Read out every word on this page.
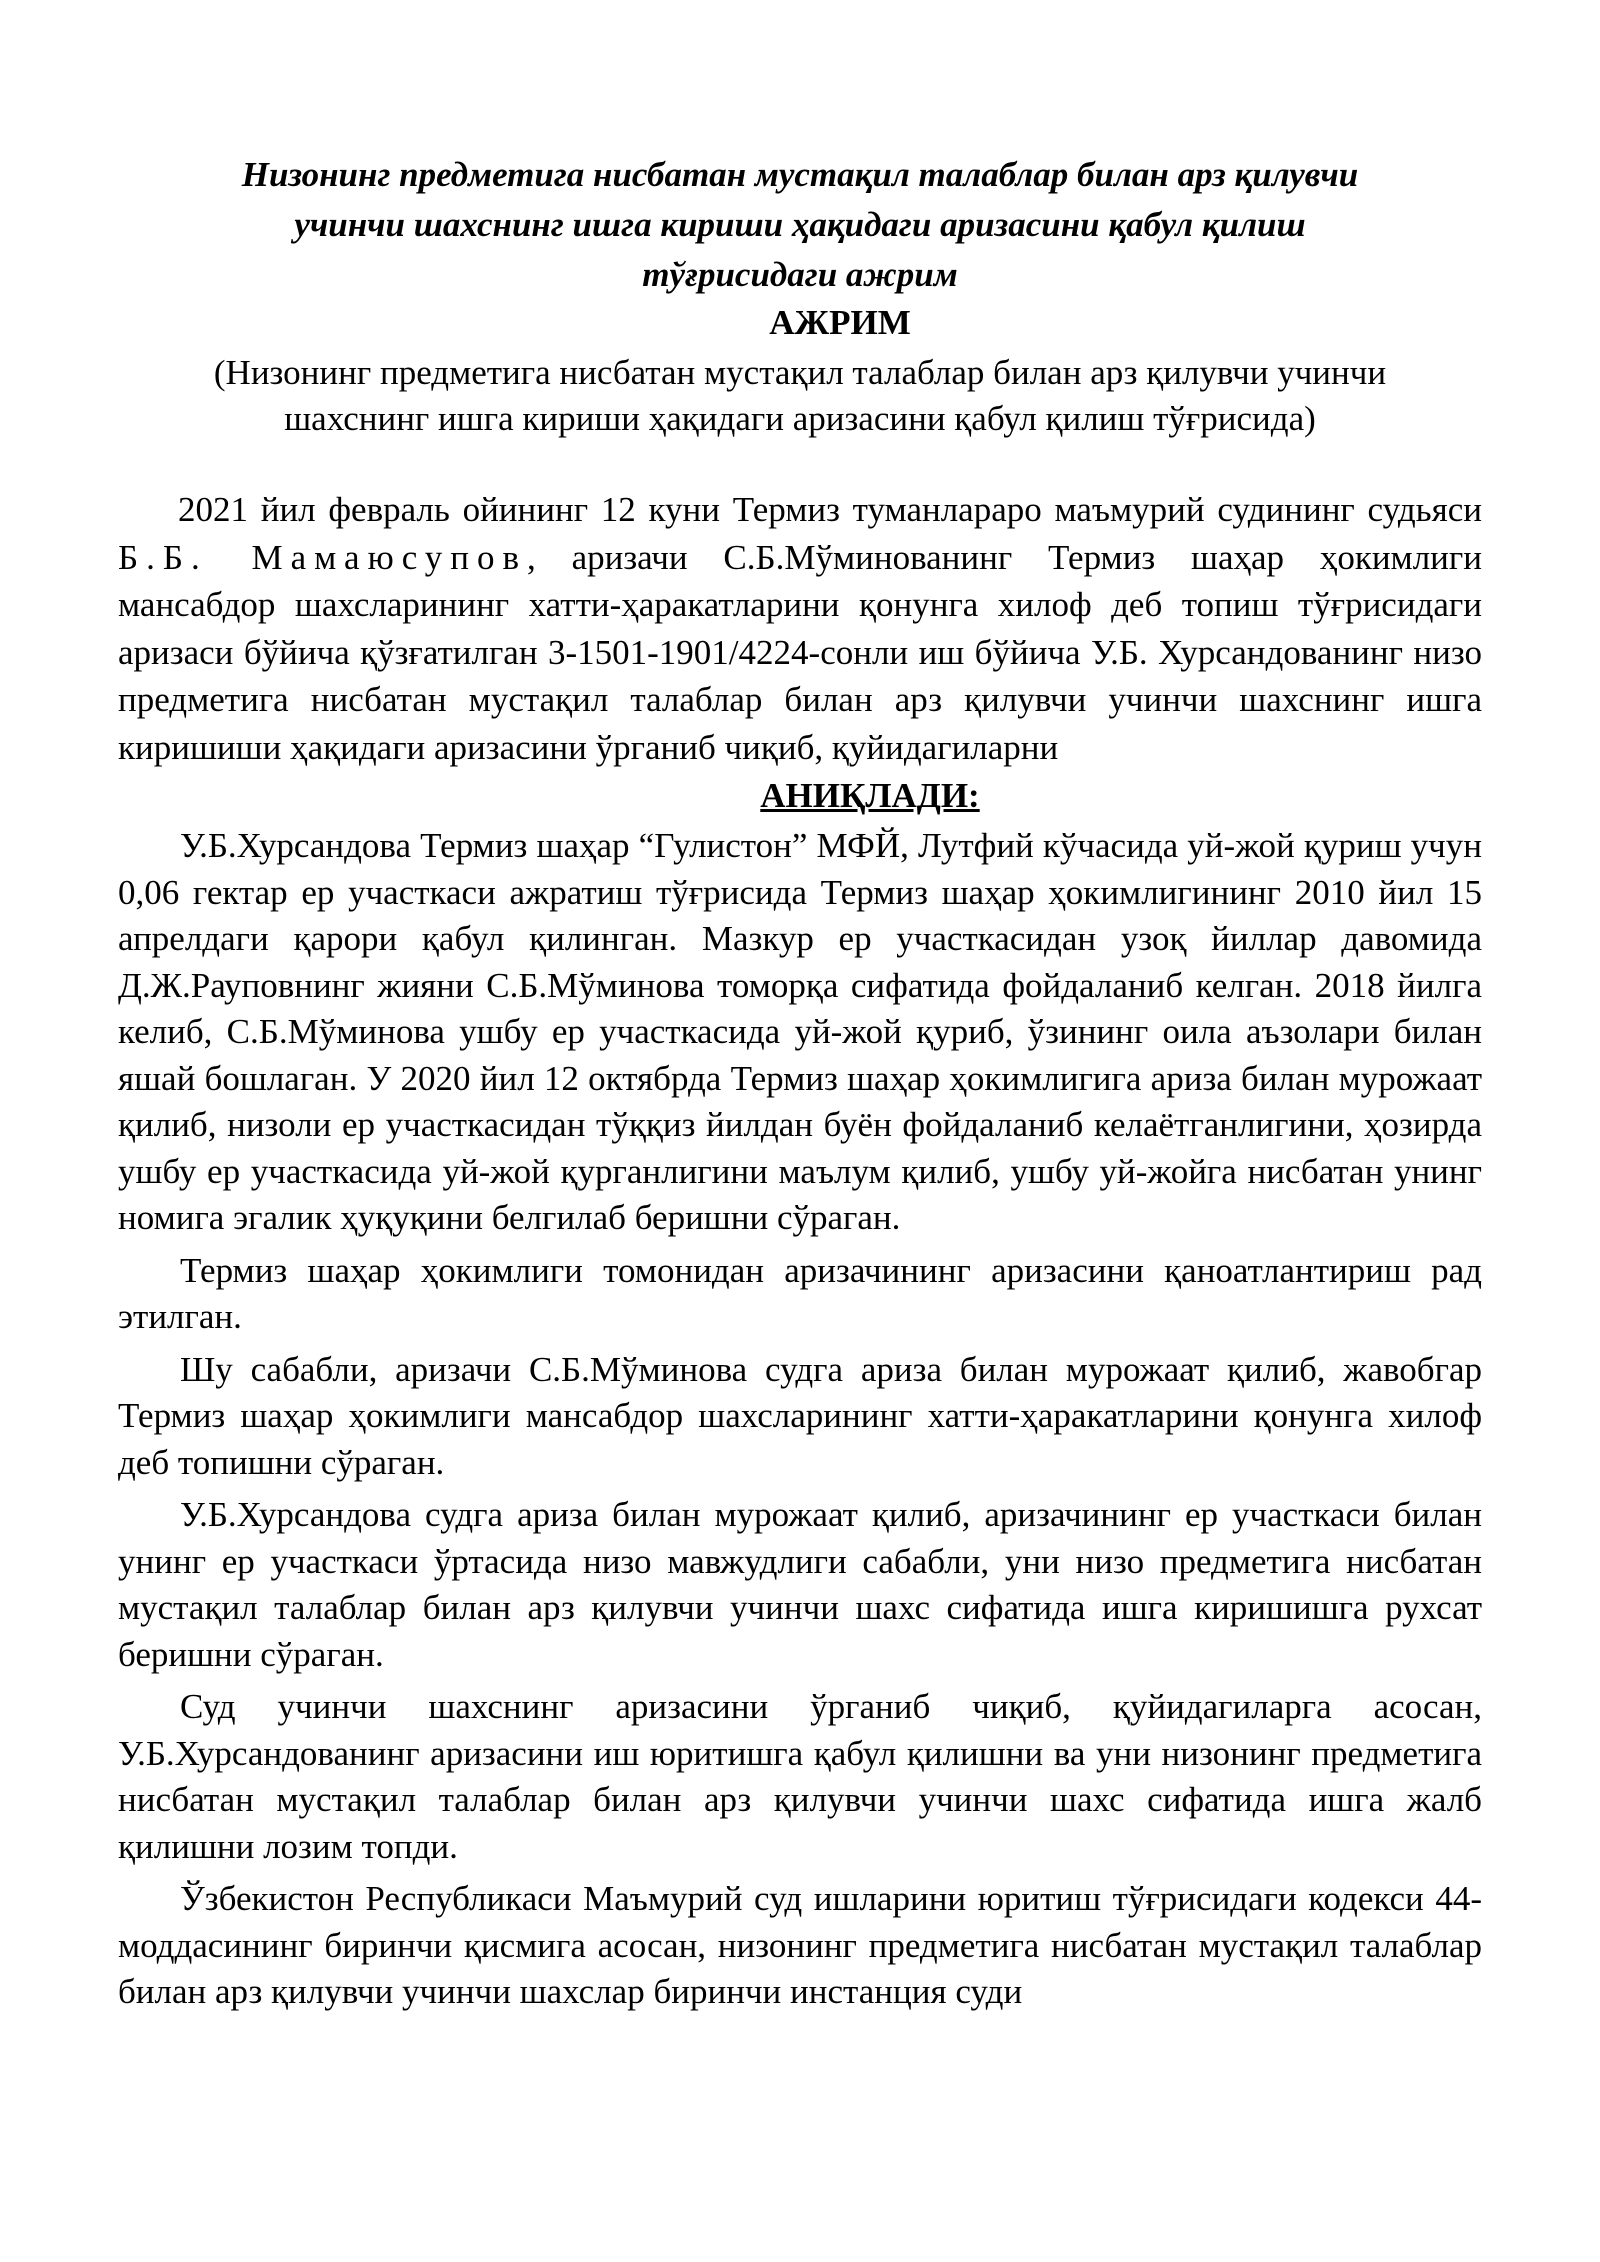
Низонинг предметига нисбатан мустақил талаблар билан арз қилувчи
учинчи шахснинг ишга кириши ҳақидаги аризасини қабул қилиш
тўғрисидаги ажрим

АЖРИМ

(Низонинг предметига нисбатан мустақил талаблар билан арз қилувчи учинчи
шахснинг ишга кириши ҳақидаги аризасини қабул қилиш тўғрисида)

2021 йил февраль ойининг 12 куни Термиз туманлараро маъмурий судининг судьяси Б.Б. Мамаюсупов, аризачи С.Б.Мўминованинг Термиз шаҳар ҳокимлиги мансабдор шахсларининг хатти-ҳаракатларини қонунга хилоф деб топиш тўғрисидаги аризаси бўйича қўзғатилган 3-1501-1901/4224-сонли иш бўйича У.Б. Хурсандованинг низо предметига нисбатан мустақил талаблар билан арз қилувчи учинчи шахснинг ишга киришиши ҳақидаги аризасини ўрганиб чиқиб, қуйидагиларни

АНИҚЛАДИ:

У.Б.Хурсандова Термиз шаҳар “Гулистон” МФЙ, Лутфий кўчасида уй-жой қуриш учун 0,06 гектар ер участкаси ажратиш тўғрисида Термиз шаҳар ҳокимлигининг 2010 йил 15 апрелдаги қарори қабул қилинган. Мазкур ер участкасидан узоқ йиллар давомида Д.Ж.Рауповнинг жияни С.Б.Мўминова томорқа сифатида фойдаланиб келган. 2018 йилга келиб, С.Б.Мўминова ушбу ер участкасида уй-жой қуриб, ўзининг оила аъзолари билан яшай бошлаган. У 2020 йил 12 октябрда Термиз шаҳар ҳокимлигига ариза билан мурожаат қилиб, низоли ер участкасидан тўққиз йилдан буён фойдаланиб келаётганлигини, ҳозирда ушбу ер участкасида уй-жой қурганлигини маълум қилиб, ушбу уй-жойга нисбатан унинг номига эгалик ҳуқуқини белгилаб беришни сўраган.

Термиз шаҳар ҳокимлиги томонидан аризачининг аризасини қаноатлантириш рад этилган.

Шу сабабли, аризачи С.Б.Мўминова судга ариза билан мурожаат қилиб, жавобгар Термиз шаҳар ҳокимлиги мансабдор шахсларининг хатти-ҳаракатларини қонунга хилоф деб топишни сўраган.

У.Б.Хурсандова судга ариза билан мурожаат қилиб, аризачининг ер участкаси билан унинг ер участкаси ўртасида низо мавжудлиги сабабли, уни низо предметига нисбатан мустақил талаблар билан арз қилувчи учинчи шахс сифатида ишга киришишга рухсат беришни сўраган.

Суд учинчи шахснинг аризасини ўрганиб чиқиб, қуйидагиларга асосан, У.Б.Хурсандованинг аризасини иш юритишга қабул қилишни ва уни низонинг предметига нисбатан мустақил талаблар билан арз қилувчи учинчи шахс сифатида ишга жалб қилишни лозим топди.

Ўзбекистон Республикаси Маъмурий суд ишларини юритиш тўғрисидаги кодекси 44-моддасининг биринчи қисмига асосан, низонинг предметига нисбатан мустақил талаблар билан арз қилувчи учинчи шахслар биринчи инстанция суди
